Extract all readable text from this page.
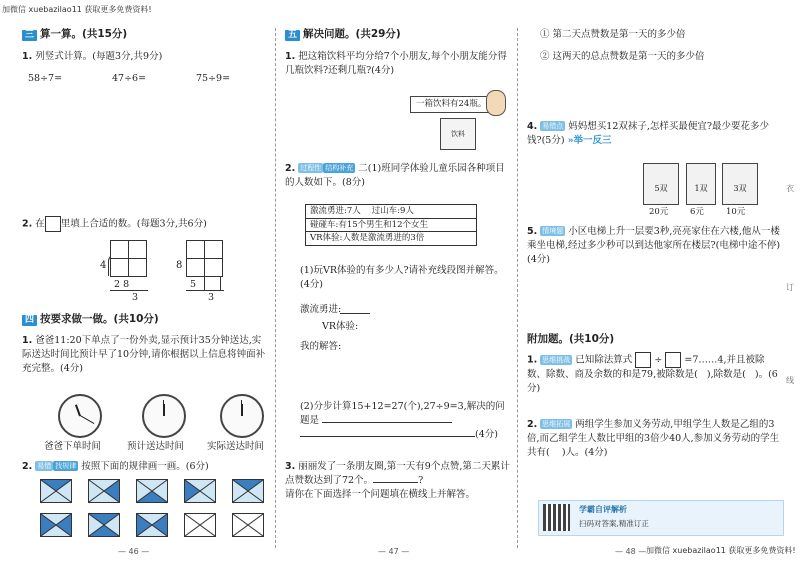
加微信 xuebazilao11 获取更多免费资料!
三 算一算。(共15分)
1. 列竖式计算。(每题3分,共9分)
58÷7=	47÷6=	75÷9=
2. 在 里填上合适的数。(每题3分,共6分)
4
2 8
3
8
5
3
四 按要求做一做。(共10分)
1. 爸爸11:20下单点了一份外卖,显示预计35分钟送达,实际送达时间比预计早了10分钟,请你根据以上信息将钟面补充完整。(4分)
爸爸下单时间	预计送达时间 实际送达时间
2. 易错 找规律 按照下面的规律画一画。(6分)
— 46 —
五 解决问题。(共29分)
1. 把这箱饮料平均分给7个小朋友,每个小朋友能分得几瓶饮料?还剩几瓶?(4分)
一箱饮料有24瓶。
饮料
2. 过程性 结构补充 二(1)班同学体验儿童乐园各种项目的人数如下。(8分)
激流勇进:7人 过山车:9人
碰碰车:有15个男生和12个女生
VR体验:人数是激流勇进的3倍
(1)玩VR体验的有多少人?请补充线段图并解答。(4分)
激流勇进:
VR体验:
我的解答:
(2)分步计算15+12=27(个),27÷9=3,解决的问题是
(4分)
3. 丽丽发了一条朋友圈,第一天有9个点赞,第二天累计点赞数达到了72个。	?
请你在下面选择一个问题填在横线上并解答。
— 47 —
① 第二天点赞数是第一天的多少倍
② 这两天的总点赞数是第一天的多少倍
4. 易错点 妈妈想买12双袜子,怎样买最便宜?最少要花多少钱?(5分) »举一反三
5双
20元
1双
6元
3双
10元
5. 情境题 小区电梯上升一层要3秒,亮亮家住在六楼,他从一楼乘坐电梯,经过多少秒可以到达他家所在楼层?(电梯中途不停)(4分)
附加题。(共10分)
1. 思维挑战 已知除法算式 ÷ =7……4,并且被除数、除数、商及余数的和是79,被除数是( ),除数是( )。(6分)
2. 思维拓展 两组学生参加义务劳动,甲组学生人数是乙组的3倍,而乙组学生人数比甲组的3倍少40人,参加义务劳动的学生共有( )人。(4分)
学霸自评解析
扫码对答案,精准订正
— 48 — 加微信 xuebazilao11 获取更多免费资料!
衣
订
线
